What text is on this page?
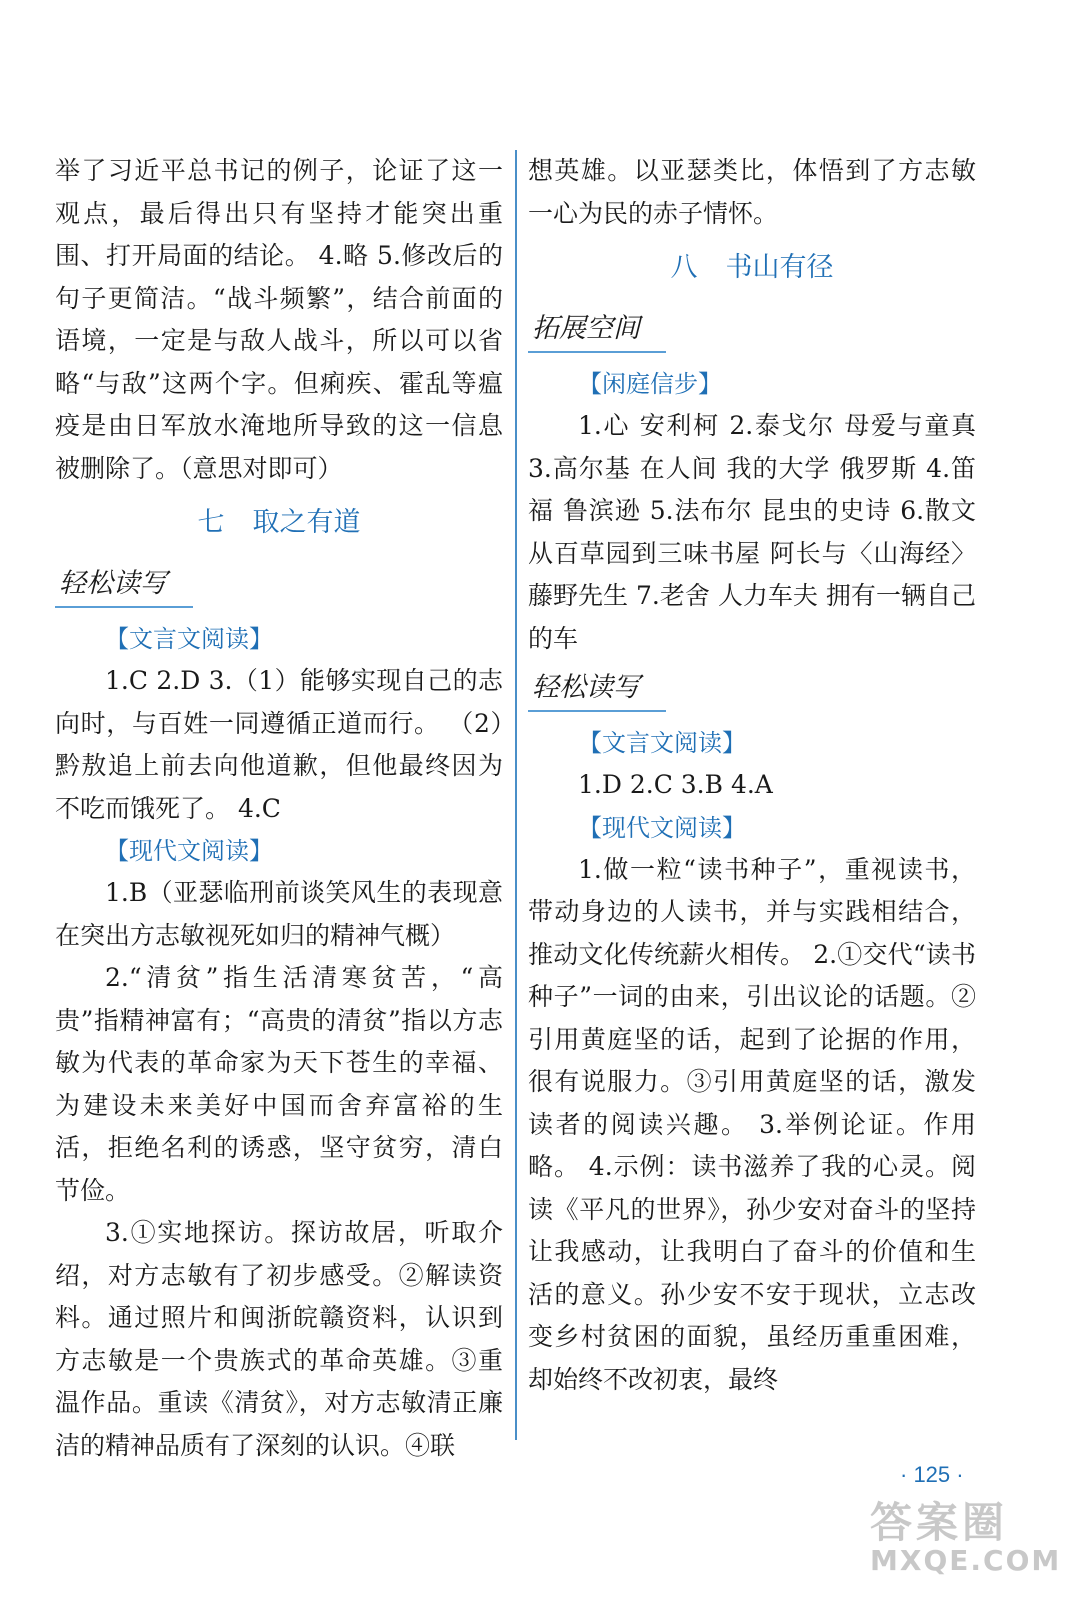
举了习近平总书记的例子，论证了这一观点，最后得出只有坚持才能突出重围、打开局面的结论。 4.略 5.修改后的句子更简洁。“战斗频繁”，结合前面的语境，一定是与敌人战斗，所以可以省略“与敌”这两个字。但痢疾、霍乱等瘟疫是由日军放水淹地所导致的这一信息被删除了。（意思对即可）

七 取之有道
轻松读写
【文言文阅读】

1.C 2.D 3.（1）能够实现自己的志向时，与百姓一同遵循正道而行。 （2）黔敖追上前去向他道歉，但他最终因为不吃而饿死了。 4.C

【现代文阅读】

1.B（亚瑟临刑前谈笑风生的表现意在突出方志敏视死如归的精神气概）

2.“清贫”指生活清寒贫苦，“高贵”指精神富有；“高贵的清贫”指以方志敏为代表的革命家为天下苍生的幸福、为建设未来美好中国而舍弃富裕的生活，拒绝名利的诱惑，坚守贫穷，清白节俭。

3.①实地探访。探访故居，听取介绍，对方志敏有了初步感受。②解读资料。通过照片和闽浙皖赣资料，认识到方志敏是一个贵族式的革命英雄。③重温作品。重读《清贫》，对方志敏清正廉洁的精神品质有了深刻的认识。④联

想英雄。以亚瑟类比，体悟到了方志敏一心为民的赤子情怀。

八 书山有径
拓展空间
【闲庭信步】

1.心 安利柯 2.泰戈尔 母爱与童真 3.高尔基 在人间 我的大学 俄罗斯 4.笛福 鲁滨逊 5.法布尔 昆虫的史诗 6.散文 从百草园到三味书屋 阿长与〈山海经〉 藤野先生 7.老舍 人力车夫 拥有一辆自己的车

轻松读写
【文言文阅读】

1.D 2.C 3.B 4.A

【现代文阅读】

1.做一粒“读书种子”，重视读书，带动身边的人读书，并与实践相结合，推动文化传统薪火相传。 2.①交代“读书种子”一词的由来，引出议论的话题。②引用黄庭坚的话，起到了论据的作用，很有说服力。③引用黄庭坚的话，激发读者的阅读兴趣。 3.举例论证。作用略。 4.示例：读书滋养了我的心灵。阅读《平凡的世界》，孙少安对奋斗的坚持让我感动，让我明白了奋斗的价值和生活的意义。孙少安不安于现状，立志改变乡村贫困的面貌，虽经历重重困难，却始终不改初衷，最终

· 125 ·
答案圈
MXQE.COM
